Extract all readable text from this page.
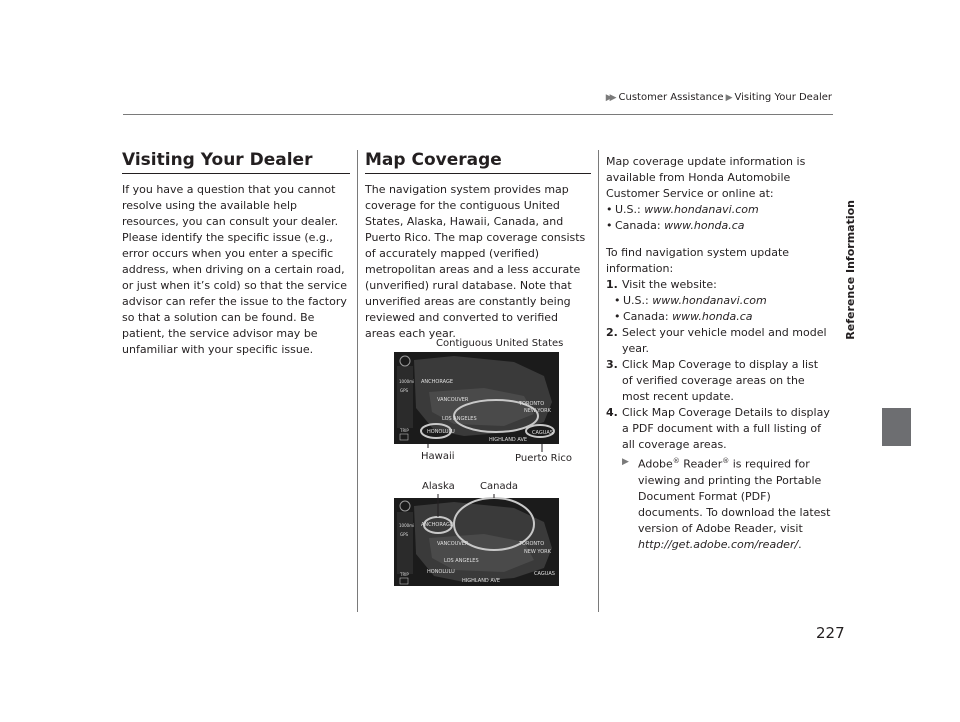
▶▶ Customer Assistance ▶ Visiting Your Dealer
Reference Information
Visiting Your Dealer

If you have a question that you cannot resolve using the available help resources, you can consult your dealer. Please identify the specific issue (e.g., error occurs when you enter a specific address, when driving on a certain road, or just when it’s cold) so that the service advisor can refer the issue to the factory so that a solution can be found. Be patient, the service advisor may be unfamiliar with your specific issue.

Map Coverage

The navigation system provides map coverage for the contiguous United States, Alaska, Hawaii, Canada, and Puerto Rico. The map coverage consists of accurately mapped (verified) metropolitan areas and a less accurate (unverified) rural database. Note that unverified areas are constantly being reviewed and converted to verified areas each year.

Contiguous United States
Hawaii	Puerto Rico
1000mi
GPS
TRIP
ANCHORAGE
VANCOUVER
TORONTO
NEW YORK
LOS ANGELES
HONOLULU	CAGUAS
HIGHLAND AVE
Alaska	Canada
1000mi
GPS
TRIP
ANCHORAGE
VANCOUVER	TORONTO
NEW YORK
LOS ANGELES
HONOLULU	CAGUAS
HIGHLAND AVE

Map coverage update information is available from Honda Automobile Customer Service or online at:

• U.S.: www.hondanavi.com
• Canada: www.honda.ca

To find navigation system update information:

1. Visit the website:
• U.S.: www.hondanavi.com
• Canada: www.honda.ca
2. Select your vehicle model and model year.
3. Click Map Coverage to display a list of verified coverage areas on the most recent update.
4. Click Map Coverage Details to display a PDF document with a full listing of all coverage areas.
▶	Adobe® Reader® is required for viewing and printing the Portable Document Format (PDF) documents. To download the latest version of Adobe Reader, visit http://get.adobe.com/reader/.
227
